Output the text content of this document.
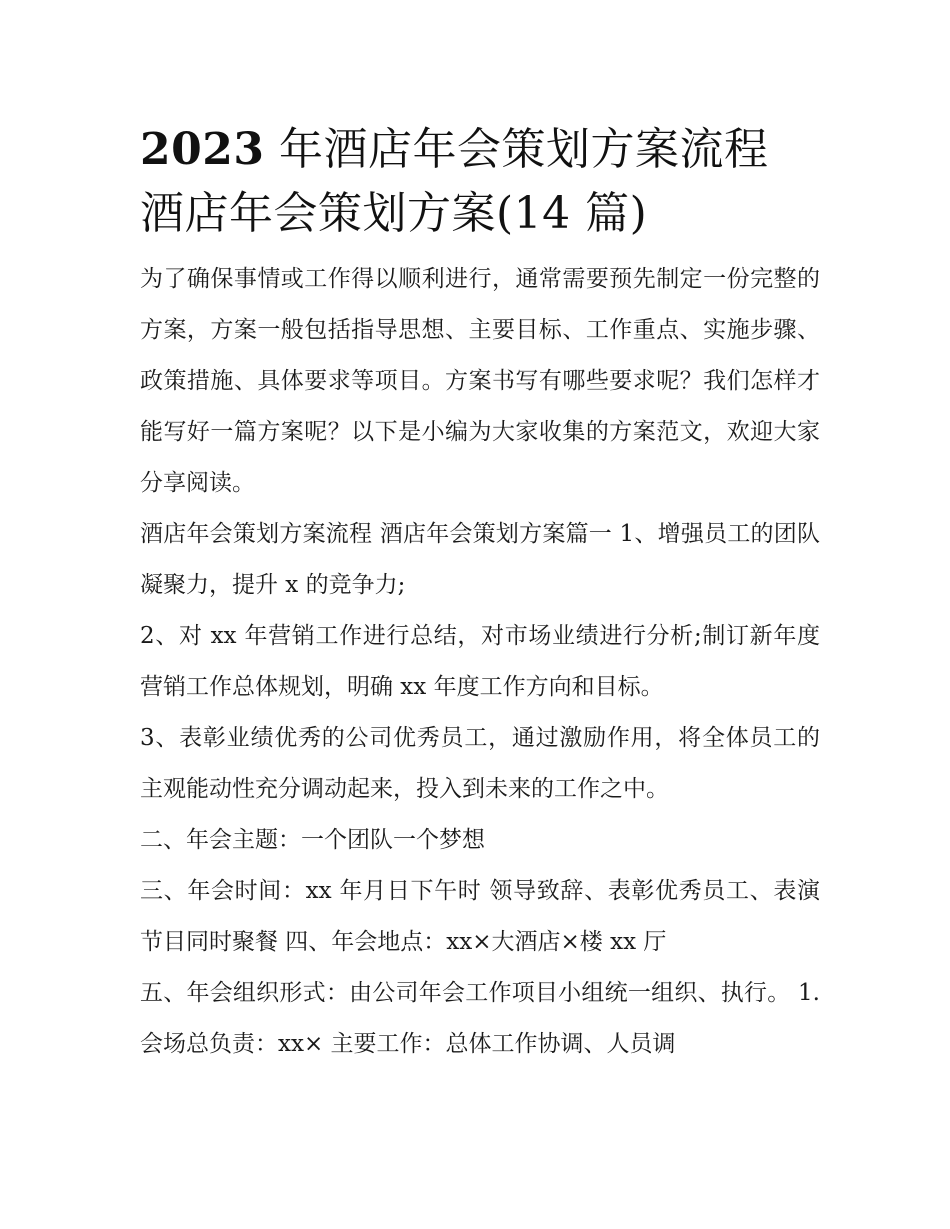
2023 年酒店年会策划方案流程 酒店年会策划方案(14 篇)

为了确保事情或工作得以顺利进行，通常需要预先制定一份完整的方案，方案一般包括指导思想、主要目标、工作重点、实施步骤、政策措施、具体要求等项目。方案书写有哪些要求呢？我们怎样才能写好一篇方案呢？以下是小编为大家收集的方案范文，欢迎大家分享阅读。

酒店年会策划方案流程 酒店年会策划方案篇一 1、增强员工的团队凝聚力，提升 x 的竞争力;

2、对 xx 年营销工作进行总结，对市场业绩进行分析;制订新年度营销工作总体规划，明确 xx 年度工作方向和目标。

3、表彰业绩优秀的公司优秀员工，通过激励作用，将全体员工的主观能动性充分调动起来，投入到未来的工作之中。

二、年会主题：一个团队一个梦想

三、年会时间：xx 年月日下午时 领导致辞、表彰优秀员工、表演节目同时聚餐 四、年会地点：xx×大酒店×楼 xx 厅

五、年会组织形式：由公司年会工作项目小组统一组织、执行。 1.会场总负责：xx× 主要工作：总体工作协调、人员调
